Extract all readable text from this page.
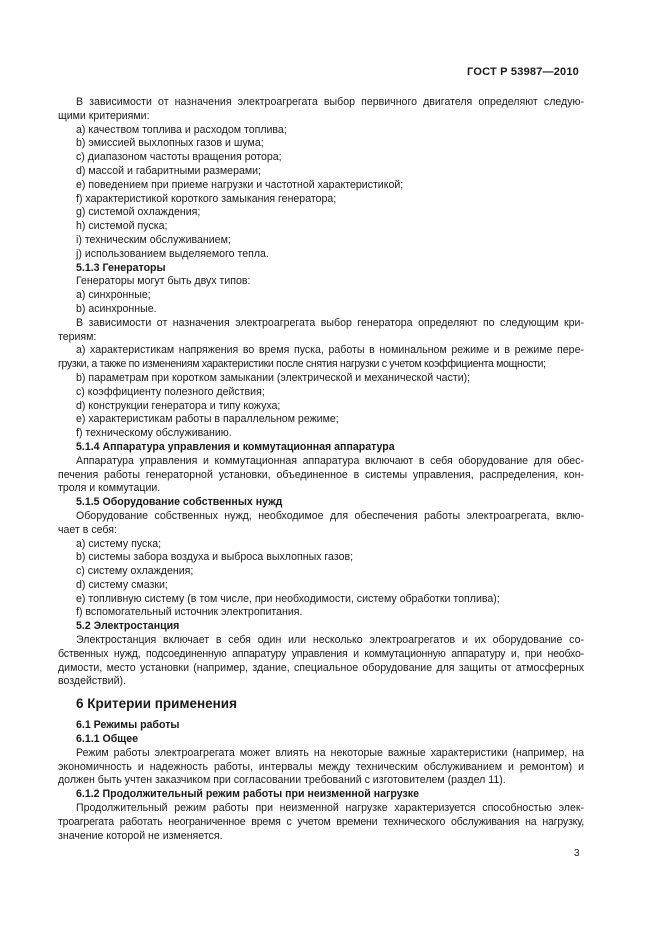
ГОСТ Р 53987—2010
В зависимости от назначения электроагрегата выбор первичного двигателя определяют следую-
щими критериями:
a) качеством топлива и расходом топлива;
b) эмиссией выхлопных газов и шума;
c) диапазоном частоты вращения ротора;
d) массой и габаритными размерами;
e) поведением при приеме нагрузки и частотной характеристикой;
f) характеристикой короткого замыкания генератора;
g) системой охлаждения;
h) системой пуска;
i) техническим обслуживанием;
j) использованием выделяемого тепла.
5.1.3 Генераторы
Генераторы могут быть двух типов:
a) синхронные;
b) асинхронные.
В зависимости от назначения электроагрегата выбор генератора определяют по следующим кри-
териям:
a) характеристикам напряжения во время пуска, работы в номинальном режиме и в режиме пере-
грузки, а также по изменениям характеристики после снятия нагрузки с учетом коэффициента мощности;
b) параметрам при коротком замыкании (электрической и механической части);
c) коэффициенту полезного действия;
d) конструкции генератора и типу кожуха;
e) характеристикам работы в параллельном режиме;
f) техническому обслуживанию.
5.1.4 Аппаратура управления и коммутационная аппаратура
Аппаратура управления и коммутационная аппаратура включают в себя оборудование для обес-
печения работы генераторной установки, объединенное в системы управления, распределения, кон-
троля и коммутации.
5.1.5 Оборудование собственных нужд
Оборудование собственных нужд, необходимое для обеспечения работы электроагрегата, вклю-
чает в себя:
a) систему пуска;
b) системы забора воздуха и выброса выхлопных газов;
c) систему охлаждения;
d) систему смазки;
e) топливную систему (в том числе, при необходимости, систему обработки топлива);
f) вспомогательный источник электропитания.
5.2 Электростанция
Электростанция включает в себя один или несколько электроагрегатов и их оборудование со-
бственных нужд, подсоединенную аппаратуру управления и коммутационную аппаратуру и, при необхо-
димости, место установки (например, здание, специальное оборудование для защиты от атмосферных
воздействий).
6 Критерии применения
6.1 Режимы работы
6.1.1 Общее
Режим работы электроагрегата может влиять на некоторые важные характеристики (например, на
экономичность и надежность работы, интервалы между техническим обслуживанием и ремонтом) и
должен быть учтен заказчиком при согласовании требований с изготовителем (раздел 11).
6.1.2 Продолжительный режим работы при неизменной нагрузке
Продолжительный режим работы при неизменной нагрузке характеризуется способностью элек-
троагрегата работать неограниченное время с учетом времени технического обслуживания на нагрузку,
значение которой не изменяется.
3
